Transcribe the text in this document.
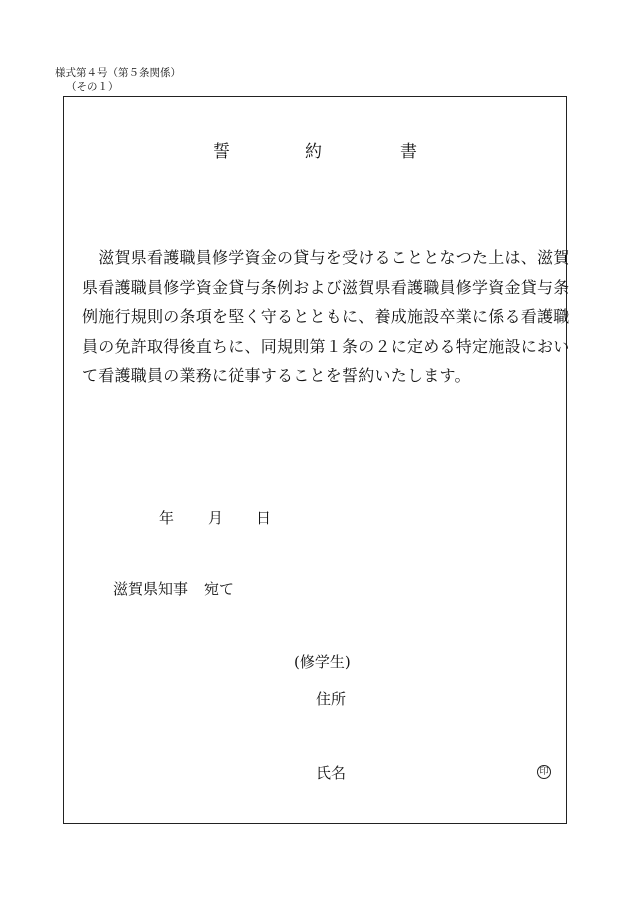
様式第４号（第５条関係）
（その１）
誓	約	書
　滋賀県看護職員修学資金の貸与を受けることとなつた上は、滋賀
県看護職員修学資金貸与条例および滋賀県看護職員修学資金貸与条
例施行規則の条項を堅く守るとともに、養成施設卒業に係る看護職
員の免許取得後直ちに、同規則第１条の２に定める特定施設におい
て看護職員の業務に従事することを誓約いたします。
年 月 日
滋賀県知事 宛て
(修学生)
住所
氏名	印
